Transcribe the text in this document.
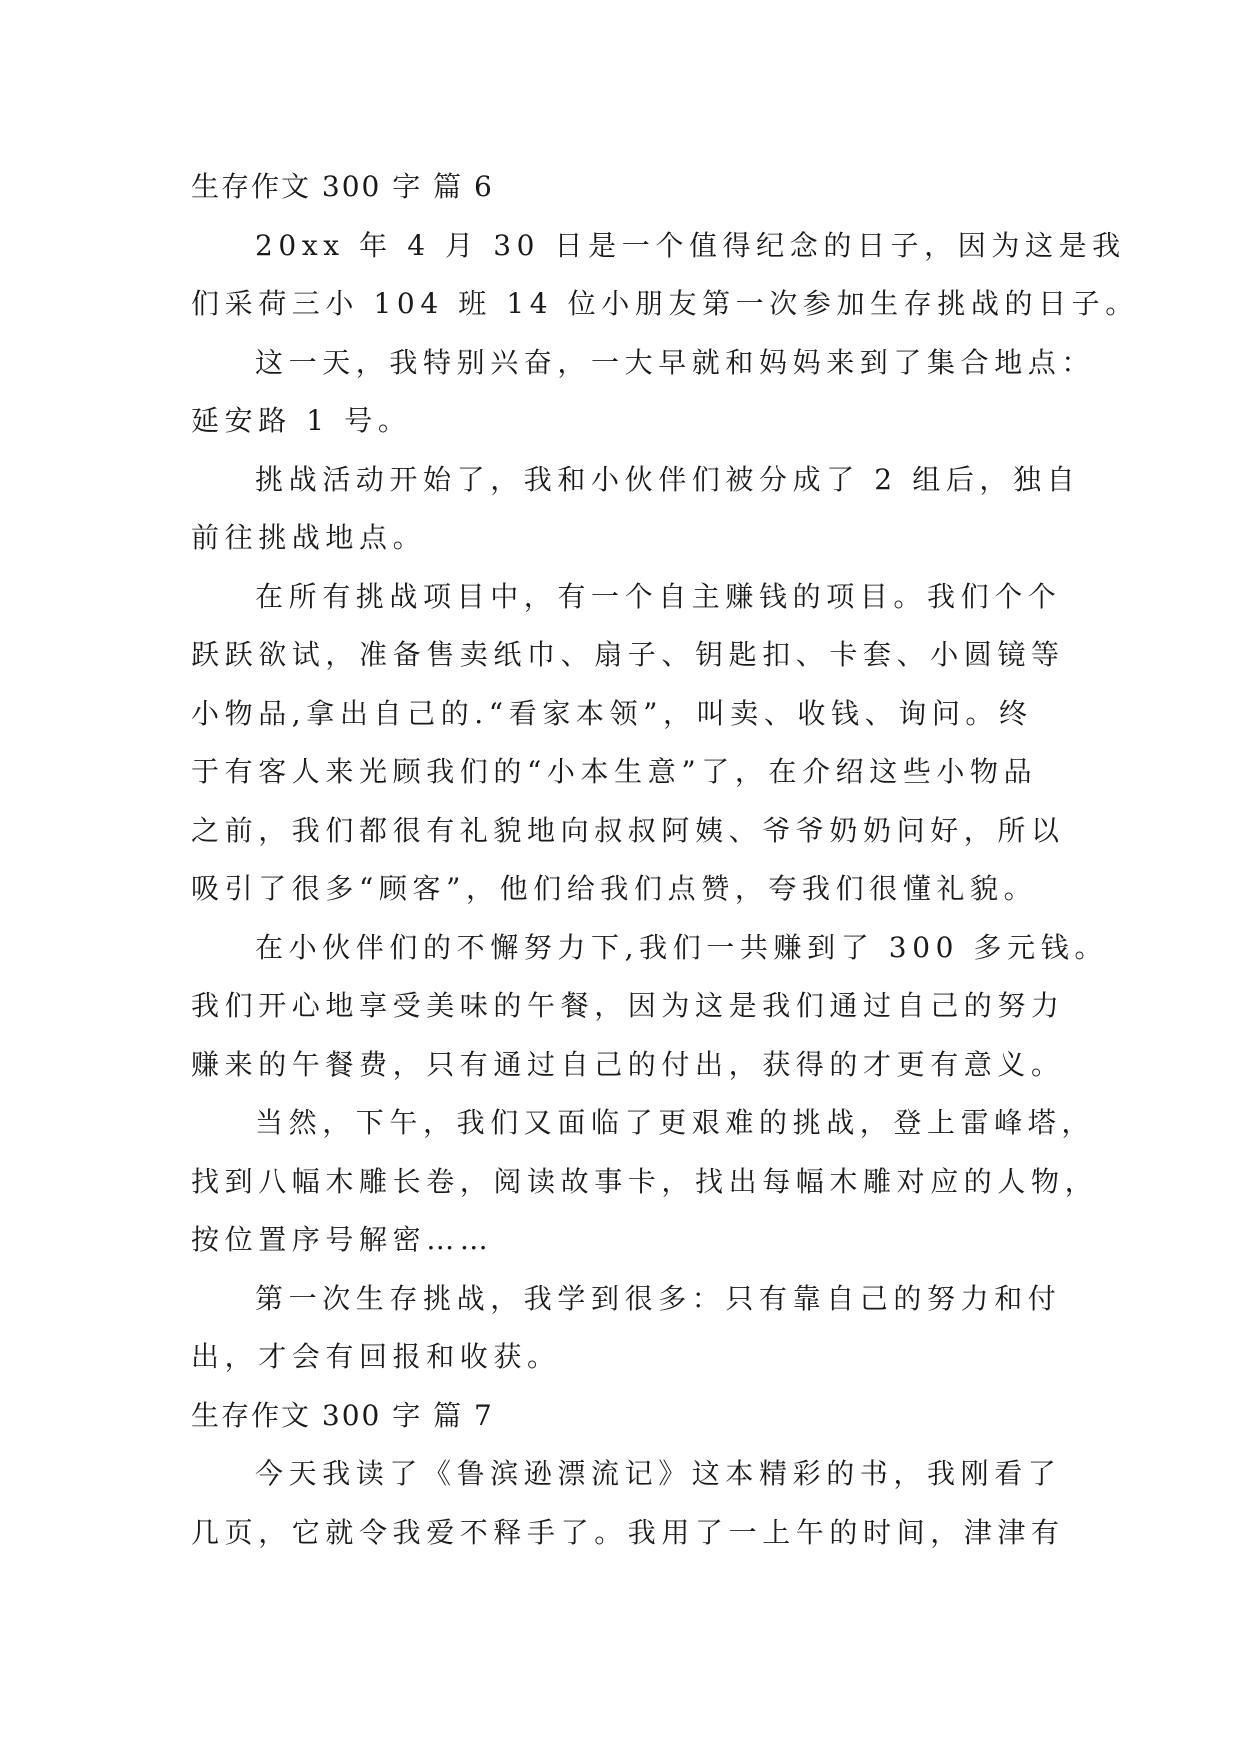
生存作文 300 字 篇 6
20xx 年 4 月 30 日是一个值得纪念的日子，因为这是我
们采荷三小 104 班 14 位小朋友第一次参加生存挑战的日子。
这一天，我特别兴奋，一大早就和妈妈来到了集合地点：
延安路 1 号。
挑战活动开始了，我和小伙伴们被分成了 2 组后，独自
前往挑战地点。
在所有挑战项目中，有一个自主赚钱的项目。我们个个
跃跃欲试，准备售卖纸巾、扇子、钥匙扣、卡套、小圆镜等
小物品,拿出自己的.“看家本领”，叫卖、收钱、询问。终
于有客人来光顾我们的“小本生意”了，在介绍这些小物品
之前，我们都很有礼貌地向叔叔阿姨、爷爷奶奶问好，所以
吸引了很多“顾客”，他们给我们点赞，夸我们很懂礼貌。
在小伙伴们的不懈努力下,我们一共赚到了 300 多元钱。
我们开心地享受美味的午餐，因为这是我们通过自己的努力
赚来的午餐费，只有通过自己的付出，获得的才更有意义。
当然，下午，我们又面临了更艰难的挑战，登上雷峰塔，
找到八幅木雕长卷，阅读故事卡，找出每幅木雕对应的人物，
按位置序号解密……
第一次生存挑战，我学到很多：只有靠自己的努力和付
出，才会有回报和收获。
生存作文 300 字 篇 7
今天我读了《鲁滨逊漂流记》这本精彩的书，我刚看了
几页，它就令我爱不释手了。我用了一上午的时间，津津有
